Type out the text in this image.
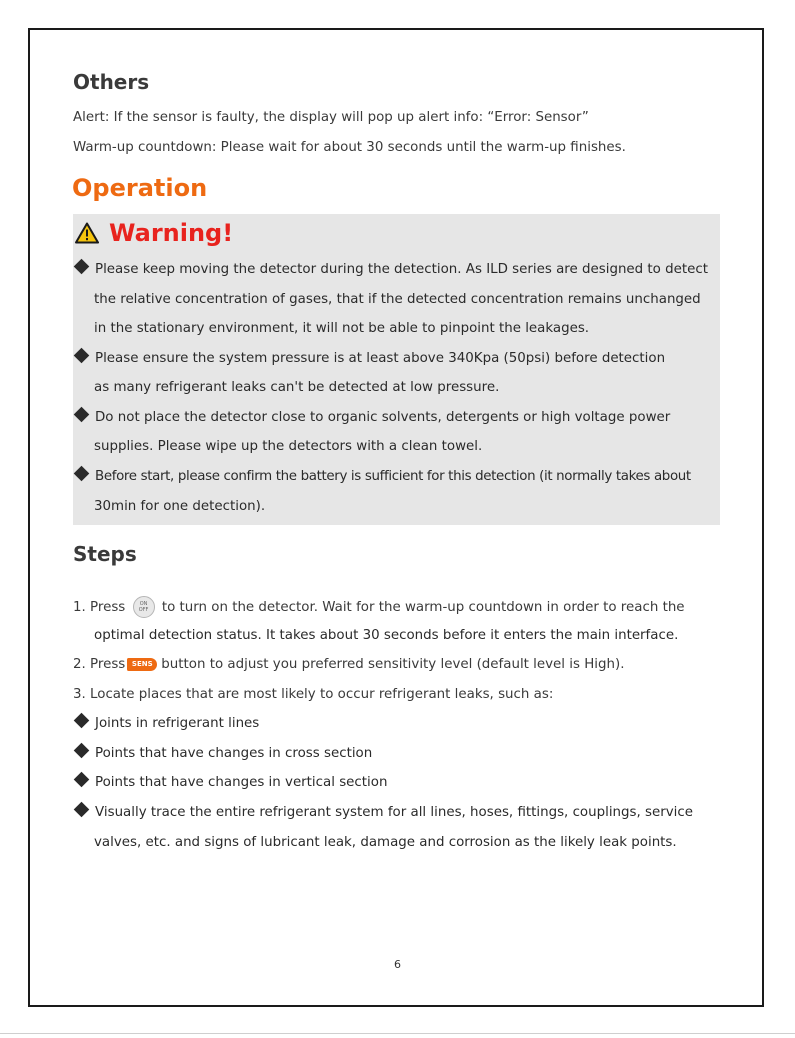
Others
Alert: If the sensor is faulty, the display will pop up alert info: “Error: Sensor”
Warm-up countdown: Please wait for about 30 seconds until the warm-up finishes.
Operation
Warning!
Please keep moving the detector during the detection. As ILD series are designed to detect
the relative concentration of gases, that if the detected concentration remains unchanged
in the stationary environment, it will not be able to pinpoint the leakages.
Please ensure the system pressure is at least above 340Kpa (50psi) before detection
as many refrigerant leaks can't be detected at low pressure.
Do not place the detector close to organic solvents, detergents or high voltage power
supplies. Please wipe up the detectors with a clean towel.
Before start, please confirm the battery is sufficient for this detection (it normally takes about
30min for one detection).
Steps
1. Press	ON
OFF to turn on the detector. Wait for the warm-up countdown in order to reach the
optimal detection status. It takes about 30 seconds before it enters the main interface.
2. Press SENS button to adjust you preferred sensitivity level (default level is High).
3. Locate places that are most likely to occur refrigerant leaks, such as:
Joints in refrigerant lines
Points that have changes in cross section
Points that have changes in vertical section
Visually trace the entire refrigerant system for all lines, hoses, fittings, couplings, service
valves, etc. and signs of lubricant leak, damage and corrosion as the likely leak points.
6
